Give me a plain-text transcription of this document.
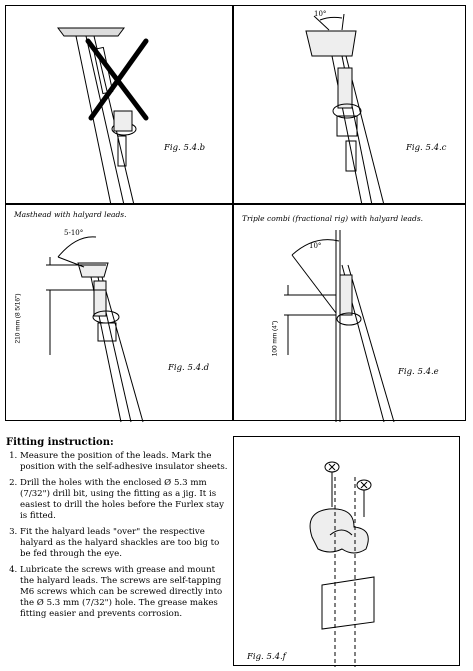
Fig. 5.4.b
10°
Fig. 5.4.c
Masthead with halyard leads.
5-10°
210 mm (8 5/16")
Fig. 5.4.d
Triple combi (fractional rig) with halyard leads.
10°
100 mm (4")
Fig. 5.4.e
Fitting instruction:
1. Measure the position of the leads. Mark the position with the self-adhesive insulator sheets.
2. Drill the holes with the enclosed Ø 5.3 mm (7/32") drill bit, using the fitting as a jig. It is easiest to drill the holes before the Furlex stay is fitted.
3. Fit the halyard leads "over" the respective halyard as the halyard shackles are too big to be fed through the eye.
4. Lubricate the screws with grease and mount the halyard leads. The screws are self-tapping M6 screws which can be screwed directly into the Ø 5.3 mm (7/32") hole. The grease makes fitting easier and prevents corrosion.
Fig. 5.4.f
